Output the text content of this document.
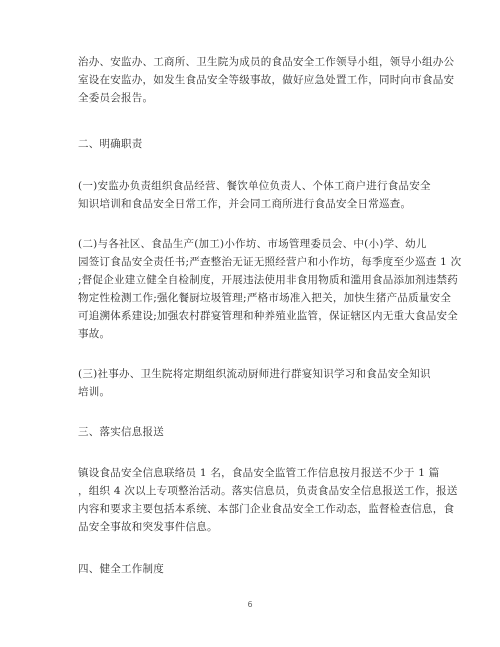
治办、安监办、工商所、卫生院为成员的食品安全工作领导小组，领导小组办公
室设在安监办，如发生食品安全等级事故，做好应急处置工作，同时向市食品安
全委员会报告。
二、明确职责
(一)安监办负责组织食品经营、餐饮单位负责人、个体工商户进行食品安全
知识培训和食品安全日常工作，并会同工商所进行食品安全日常巡查。
(二)与各社区、食品生产(加工)小作坊、市场管理委员会、中(小)学、幼儿
园签订食品安全责任书;严查整治无证无照经营户和小作坊，每季度至少巡查 1 次
;督促企业建立健全自检制度，开展违法使用非食用物质和滥用食品添加剂违禁药
物定性检测工作;强化餐厨垃圾管理;严格市场准入把关，加快生猪产品质量安全
可追溯体系建设;加强农村群宴管理和种养殖业监管，保证辖区内无重大食品安全
事故。
(三)社事办、卫生院将定期组织流动厨师进行群宴知识学习和食品安全知识
培训。
三、落实信息报送
镇设食品安全信息联络员 1 名，食品安全监管工作信息按月报送不少于 1 篇
，组织 4 次以上专项整治活动。落实信息员，负责食品安全信息报送工作，报送
内容和要求主要包括本系统、本部门企业食品安全工作动态，监督检查信息，食
品安全事故和突发事件信息。
四、健全工作制度
6
